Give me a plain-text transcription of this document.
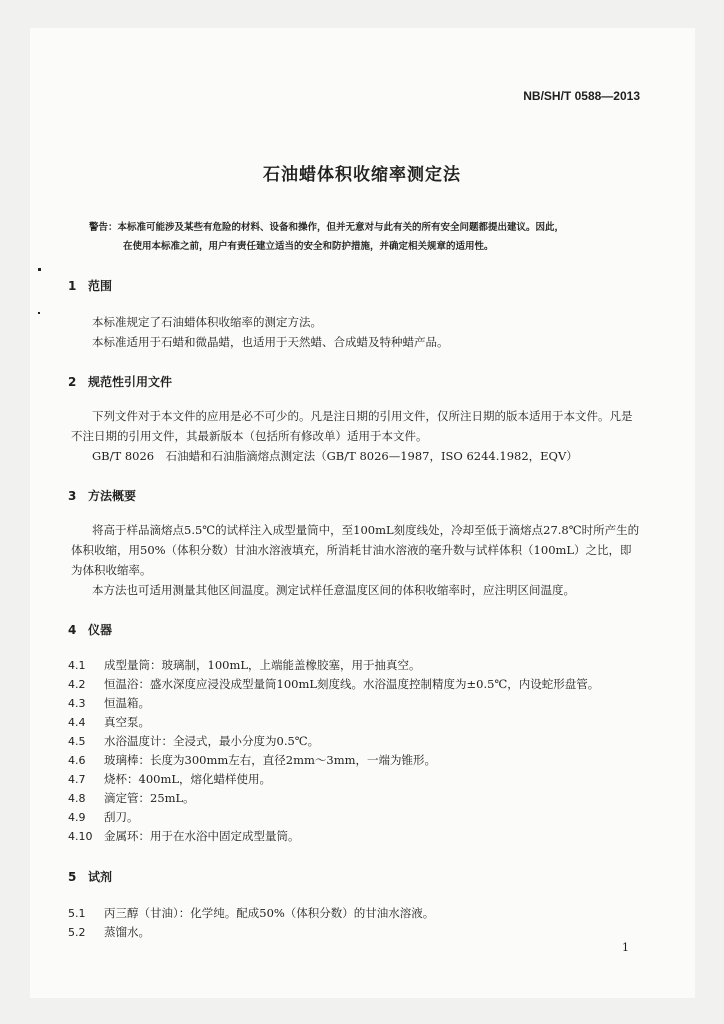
NB/SH/T 0588—2013
石油蜡体积收缩率测定法
警告：本标准可能涉及某些有危险的材料、设备和操作，但并无意对与此有关的所有安全问题都提出建议。因此，
在使用本标准之前，用户有责任建立适当的安全和防护措施，并确定相关规章的适用性。
1 范围
本标准规定了石油蜡体积收缩率的测定方法。
本标准适用于石蜡和微晶蜡，也适用于天然蜡、合成蜡及特种蜡产品。
2 规范性引用文件
下列文件对于本文件的应用是必不可少的。凡是注日期的引用文件，仅所注日期的版本适用于本文件。凡是不注日期的引用文件，其最新版本（包括所有修改单）适用于本文件。
GB/T 8026　石油蜡和石油脂滴熔点测定法（GB/T 8026—1987，ISO 6244.1982，EQV）
3 方法概要
将高于样品滴熔点5.5℃的试样注入成型量筒中，至100mL刻度线处，冷却至低于滴熔点27.8℃时所产生的体积收缩，用50%（体积分数）甘油水溶液填充，所消耗甘油水溶液的毫升数与试样体积（100mL）之比，即为体积收缩率。
本方法也可适用测量其他区间温度。测定试样任意温度区间的体积收缩率时，应注明区间温度。
4 仪器
4.1 成型量筒：玻璃制，100mL，上端能盖橡胶塞，用于抽真空。
4.2 恒温浴：盛水深度应浸没成型量筒100mL刻度线。水浴温度控制精度为±0.5℃，内设蛇形盘管。
4.3 恒温箱。
4.4 真空泵。
4.5 水浴温度计：全浸式，最小分度为0.5℃。
4.6 玻璃棒：长度为300mm左右，直径2mm～3mm，一端为锥形。
4.7 烧杯：400mL，熔化蜡样使用。
4.8 滴定管：25mL。
4.9 刮刀。
4.10 金属环：用于在水浴中固定成型量筒。
5 试剂
5.1 丙三醇（甘油）：化学纯。配成50%（体积分数）的甘油水溶液。
5.2 蒸馏水。
1
